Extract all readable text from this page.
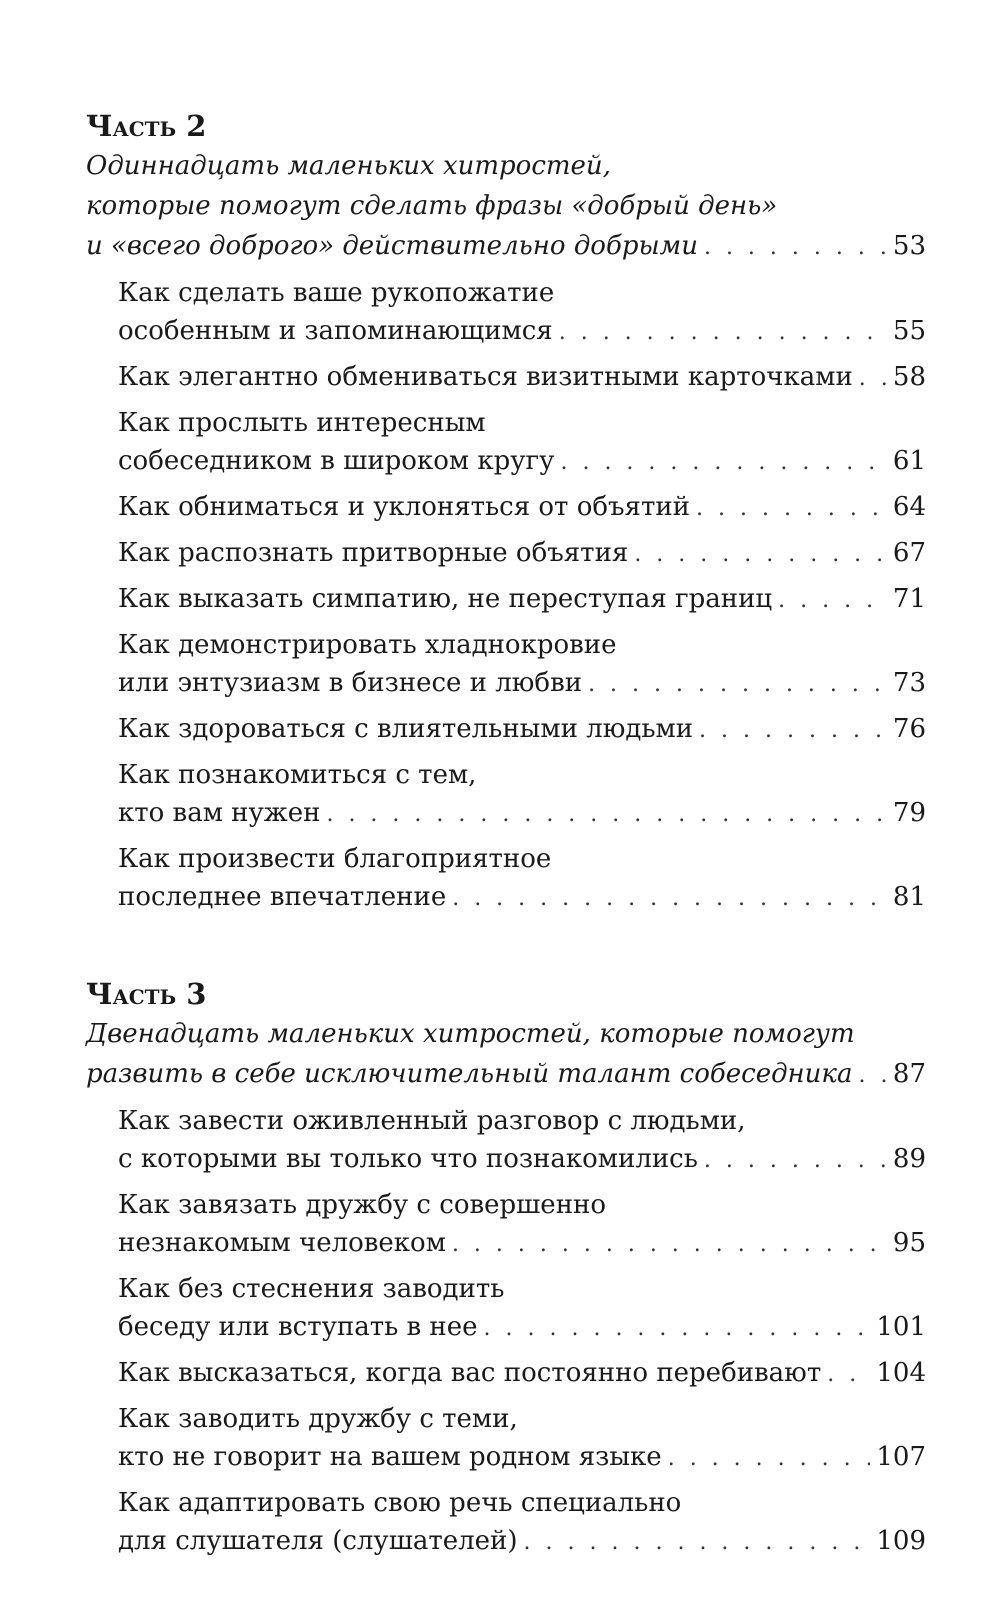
Часть 2
Одиннадцать маленьких хитростей,
которые помогут сделать фразы «добрый день»
и «всего доброго» действительно добрыми . . .	53
Как сделать ваше рукопожатие
особенным и запоминающимся . . .	55
Как элегантно обмениваться визитными карточками . . . 58
Как прослыть интересным
собеседником в широком кругу . . .	61
Как обниматься и уклоняться от объятий . . .	64
Как распознать притворные объятия . . .	67
Как выказать симпатию, не переступая границ . . .	71
Как демонстрировать хладнокровие
или энтузиазм в бизнесе и любви . . .	73
Как здороваться с влиятельными людьми . . .	76
Как познакомиться с тем,
кто вам нужен . . .	79
Как произвести благоприятное
последнее впечатление . . .	81
Часть 3
Двенадцать маленьких хитростей, которые помогут
развить в себе исключительный талант собеседника . . . 87
Как завести оживленный разговор с людьми,
с которыми вы только что познакомились . . .	89
Как завязать дружбу с совершенно
незнакомым человеком . . .	95
Как без стеснения заводить
беседу или вступать в нее . . .	101
Как высказаться, когда вас постоянно перебивают . . . 104
Как заводить дружбу с теми,
кто не говорит на вашем родном языке . . .	107
Как адаптировать свою речь специально
для слушателя (слушателей) . . .	109
